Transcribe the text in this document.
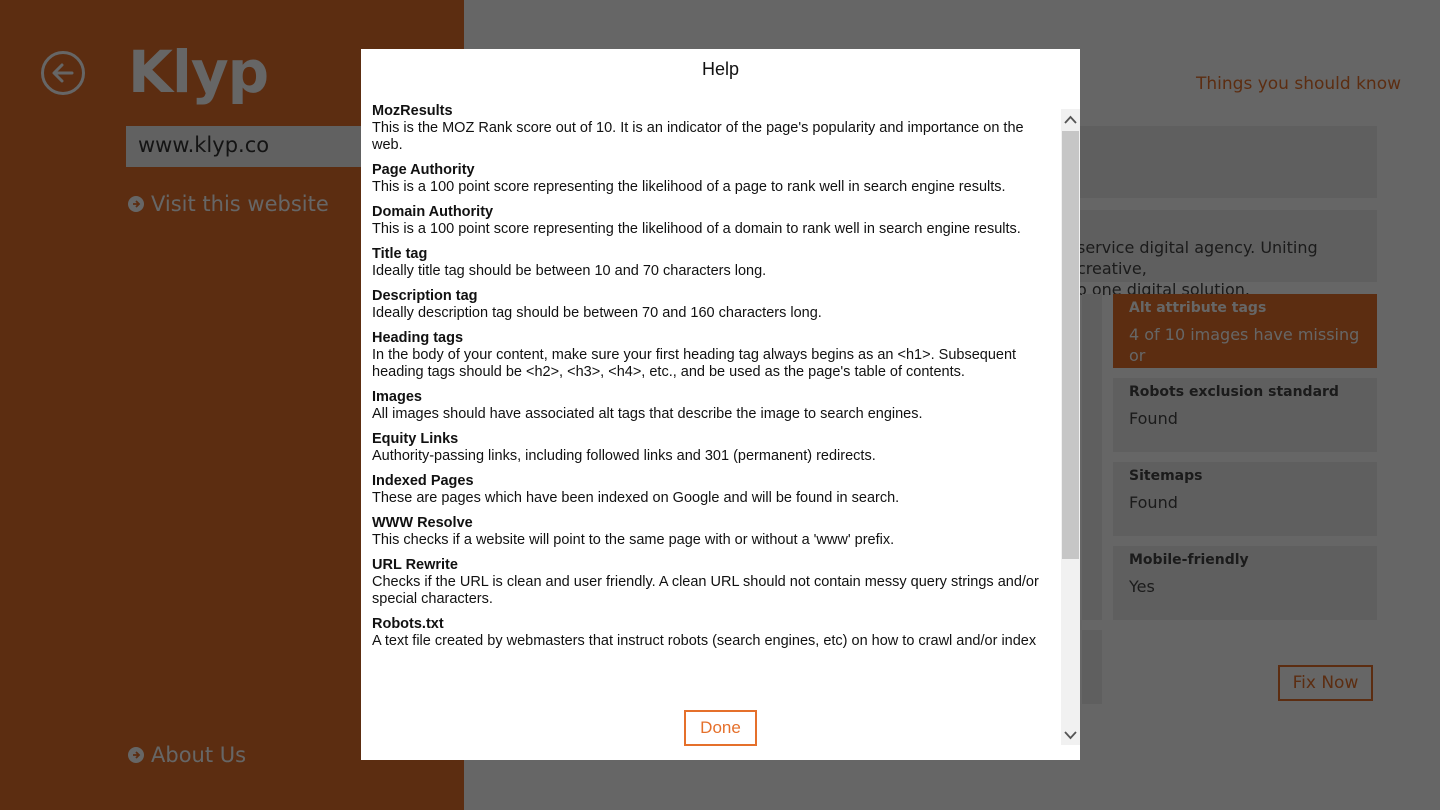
Help
MozResults
This is the MOZ Rank score out of 10. It is an indicator of the page's popularity and importance on the web.
Page Authority
This is a 100 point score representing the likelihood of a page to rank well in search engine results.
Domain Authority
This is a 100 point score representing the likelihood of a domain to rank well in search engine results.
Title tag
Ideally title tag should be between 10 and 70 characters long.
Description tag
Ideally description tag should be between 70 and 160 characters long.
Heading tags
In the body of your content, make sure your first heading tag always begins as an <h1>. Subsequent heading tags should be <h2>, <h3>, <h4>, etc., and be used as the page's table of contents.
Images
All images should have associated alt tags that describe the image to search engines.
Equity Links
Authority-passing links, including followed links and 301 (permanent) redirects.
Indexed Pages
These are pages which have been indexed on Google and will be found in search.
WWW Resolve
This checks if a website will point to the same page with or without a 'www' prefix.
URL Rewrite
Checks if the URL is clean and user friendly. A clean URL should not contain messy query strings and/or special characters.
Robots.txt
A text file created by webmasters that instruct robots (search engines, etc) on how to crawl and/or index
Done
